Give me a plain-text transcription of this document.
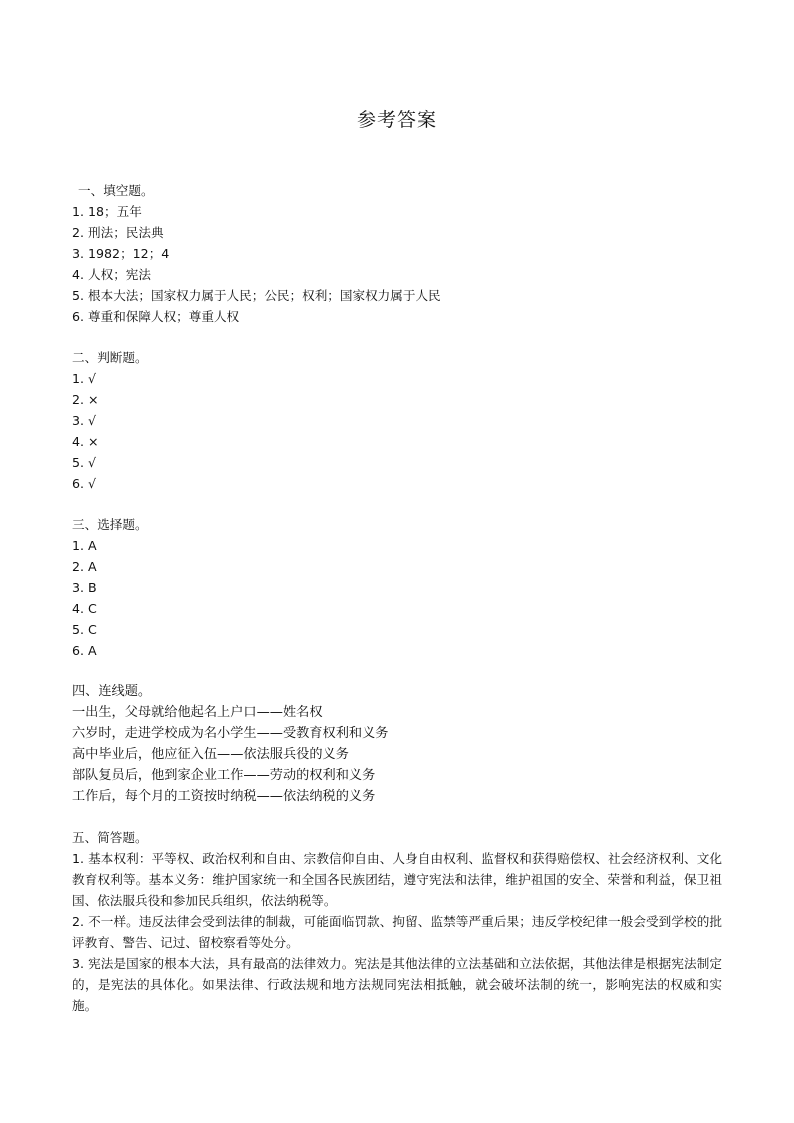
参考答案
一、填空题。
1. 18；五年
2. 刑法；民法典
3. 1982；12；4
4. 人权；宪法
5. 根本大法；国家权力属于人民；公民；权利；国家权力属于人民
6. 尊重和保障人权；尊重人权
二、判断题。
1. √
2. ×
3. √
4. ×
5. √
6. √
三、选择题。
1. A
2. A
3. B
4. C
5. C
6. A
四、连线题。
一出生，父母就给他起名上户口——姓名权
六岁时，走进学校成为名小学生——受教育权利和义务
高中毕业后，他应征入伍——依法服兵役的义务
部队复员后，他到家企业工作——劳动的权利和义务
工作后，每个月的工资按时纳税——依法纳税的义务
五、简答题。
1. 基本权利：平等权、政治权利和自由、宗教信仰自由、人身自由权利、监督权和获得赔偿权、社会经济权利、文化教育权利等。基本义务：维护国家统一和全国各民族团结，遵守宪法和法律，维护祖国的安全、荣誉和利益，保卫祖国、依法服兵役和参加民兵组织，依法纳税等。
2. 不一样。违反法律会受到法律的制裁，可能面临罚款、拘留、监禁等严重后果；违反学校纪律一般会受到学校的批评教育、警告、记过、留校察看等处分。
3. 宪法是国家的根本大法，具有最高的法律效力。宪法是其他法律的立法基础和立法依据，其他法律是根据宪法制定的，是宪法的具体化。如果法律、行政法规和地方法规同宪法相抵触，就会破坏法制的统一，影响宪法的权威和实施。
